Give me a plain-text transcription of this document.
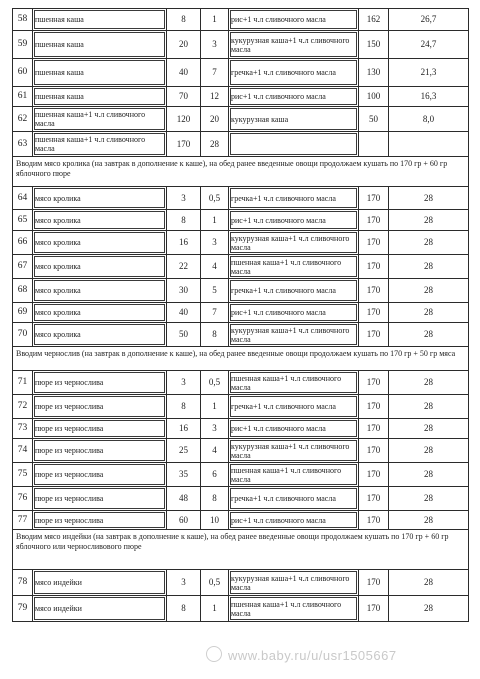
58	пшенная каша	8	1	рис+1 ч.л сливочного масла	162	26,7
59	пшенная каша	20	3	кукурузная каша+1 ч.л сливочного масла	150	24,7
60	пшенная каша	40	7	гречка+1 ч.л сливочного масла	130	21,3
61	пшенная каша	70	12	рис+1 ч.л сливочного масла	100	16,3
62	пшенная каша+1 ч.л сливочного масла	120	20	кукурузная каша	50	8,0
63	пшенная каша+1 ч.л сливочного масла	170	28			
Вводим мясо кролика (на завтрак в дополнение к каше), на обед ранее введенные овощи продолжаем кушать по 170 гр + 60 гр яблочного пюре						
64	мясо кролика	3	0,5	гречка+1 ч.л сливочного масла	170	28
65	мясо кролика	8	1	рис+1 ч.л сливочного масла	170	28
66	мясо кролика	16	3	кукурузная каша+1 ч.л сливочного масла	170	28
67	мясо кролика	22	4	пшенная каша+1 ч.л сливочного масла	170	28
68	мясо кролика	30	5	гречка+1 ч.л сливочного масла	170	28
69	мясо кролика	40	7	рис+1 ч.л сливочного масла	170	28
70	мясо кролика	50	8	кукурузная каша+1 ч.л сливочного масла	170	28
Вводим чернослив (на завтрак в дополнение к каше), на обед ранее введенные овощи продолжаем кушать по 170 гр + 50 гр мяса						
71	пюре из чернослива	3	0,5	пшенная каша+1 ч.л сливочного масла	170	28
72	пюре из чернослива	8	1	гречка+1 ч.л сливочного масла	170	28
73	пюре из чернослива	16	3	рис+1 ч.л сливочного масла	170	28
74	пюре из чернослива	25	4	кукурузная каша+1 ч.л сливочного масла	170	28
75	пюре из чернослива	35	6	пшенная каша+1 ч.л сливочного масла	170	28
76	пюре из чернослива	48	8	гречка+1 ч.л сливочного масла	170	28
77	пюре из чернослива	60	10	рис+1 ч.л сливочного масла	170	28
Вводим мясо индейки (на завтрак в дополнение к каше), на обед ранее введенные овощи продолжаем кушать по 170 гр + 60 гр яблочного или черносливового пюре						
78	мясо индейки	3	0,5	кукурузная каша+1 ч.л сливочного масла	170	28
79	мясо индейки	8	1	пшенная каша+1 ч.л сливочного масла	170	28
www.baby.ru/u/usr1505667
